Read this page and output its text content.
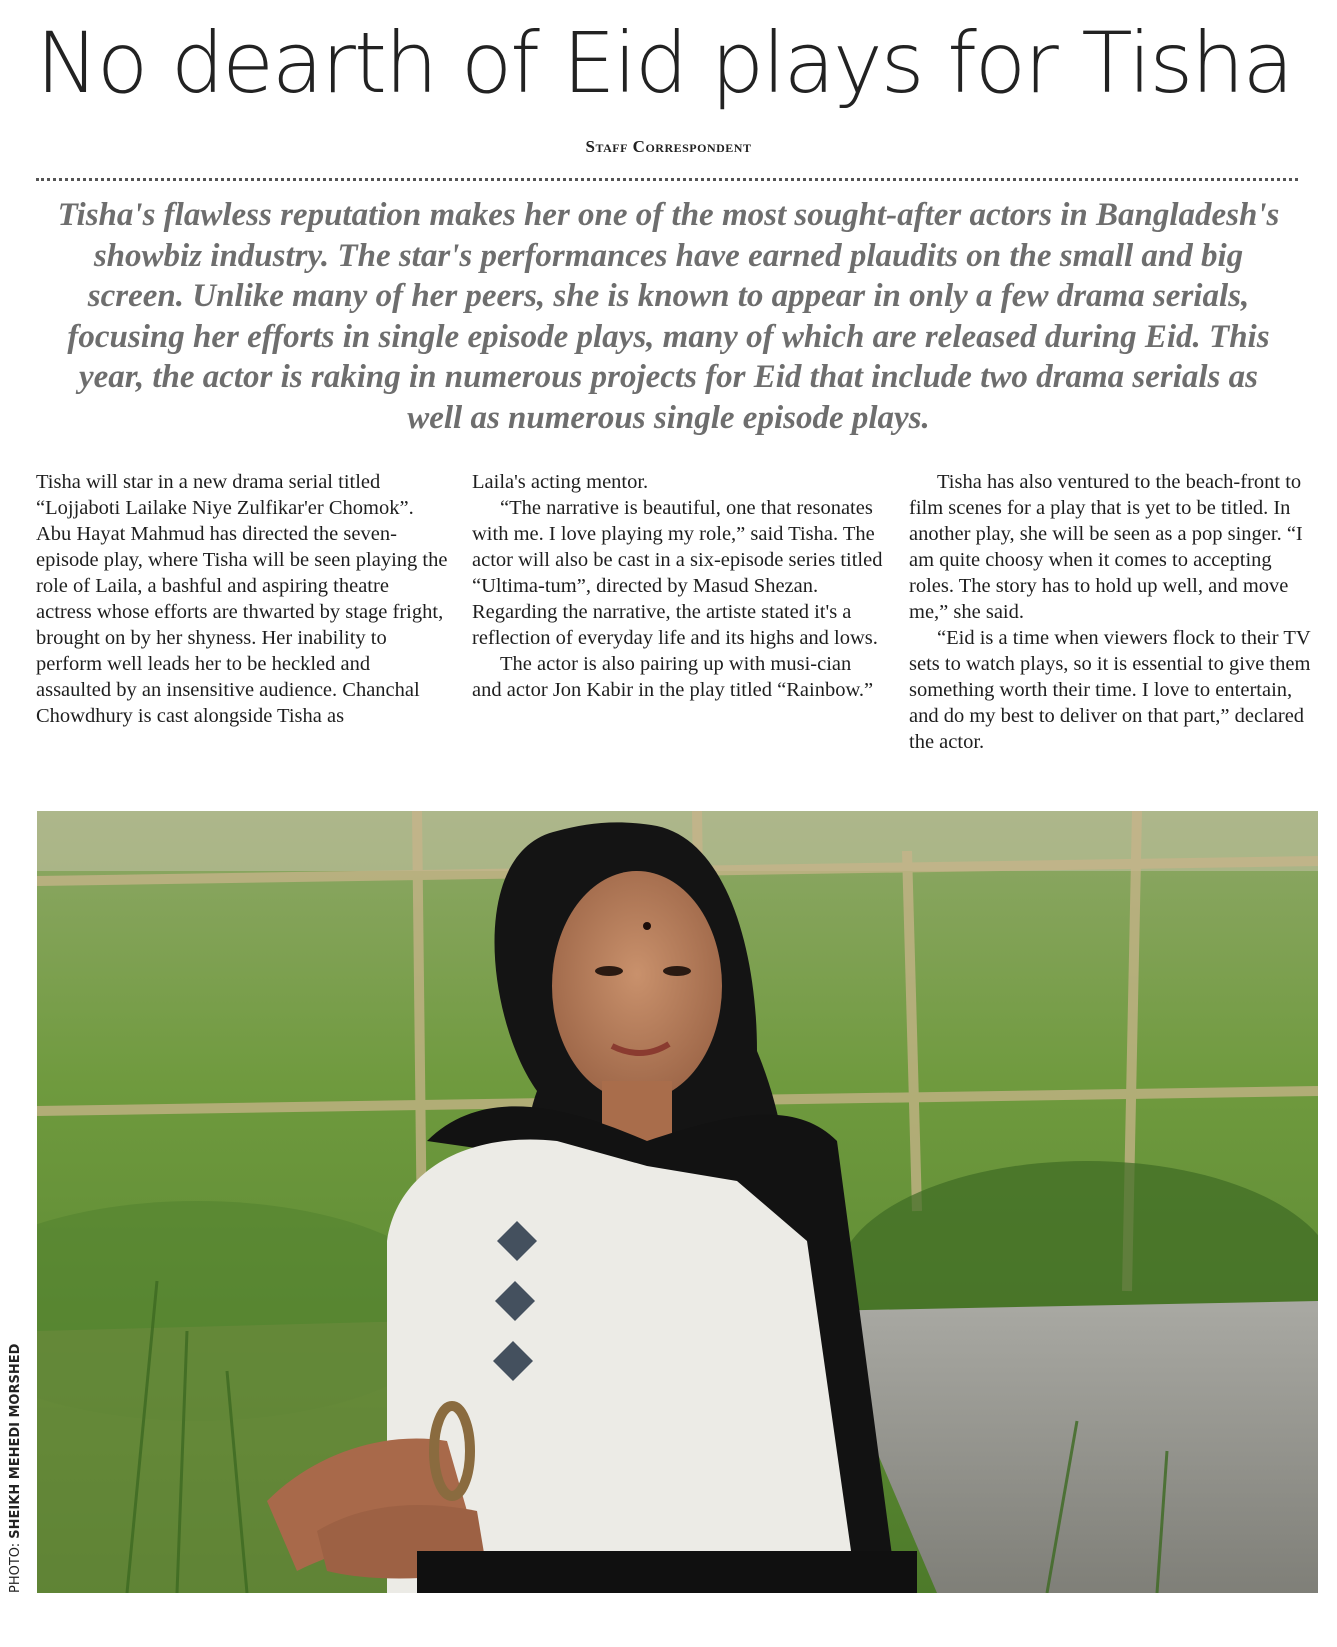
No dearth of Eid plays for Tisha
Staff Correspondent

Tisha's flawless reputation makes her one of the most sought-after actors in Bangladesh's showbiz industry. The star's performances have earned plaudits on the small and big screen. Unlike many of her peers, she is known to appear in only a few drama serials, focusing her efforts in single episode plays, many of which are released during Eid. This year, the actor is raking in numerous projects for Eid that include two drama serials as well as numerous single episode plays.

Tisha will star in a new drama serial titled “Lojjaboti Lailake Niye Zulfikar'er Chomok”. Abu Hayat Mahmud has directed the seven-episode play, where Tisha will be seen playing the role of Laila, a bashful and aspiring theatre actress whose efforts are thwarted by stage fright, brought on by her shyness. Her inability to perform well leads her to be heckled and assaulted by an insensitive audience. Chanchal Chowdhury is cast alongside Tisha as

Laila's acting mentor.

“The narrative is beautiful, one that resonates with me. I love playing my role,” said Tisha. The actor will also be cast in a six-episode series titled “Ultima-tum”, directed by Masud Shezan. Regarding the narrative, the artiste stated it's a reflection of everyday life and its highs and lows.

The actor is also pairing up with musi-cian and actor Jon Kabir in the play titled “Rainbow.”

Tisha has also ventured to the beach-front to film scenes for a play that is yet to be titled. In another play, she will be seen as a pop singer. “I am quite choosy when it comes to accepting roles. The story has to hold up well, and move me,” she said.

“Eid is a time when viewers flock to their TV sets to watch plays, so it is essential to give them something worth their time. I love to entertain, and do my best to deliver on that part,” declared the actor.

PHOTO: SHEIKH MEHEDI MORSHED
